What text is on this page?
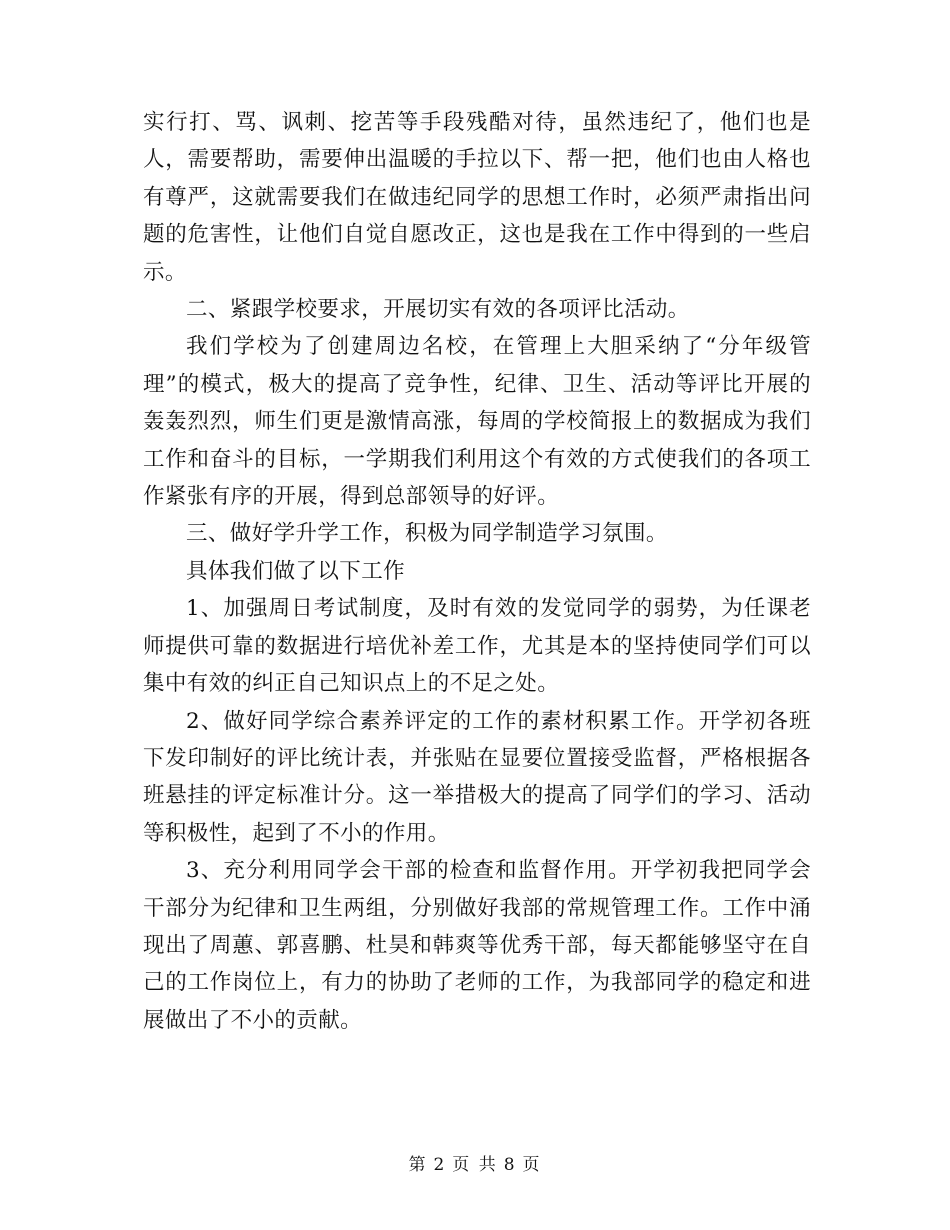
实行打、骂、讽刺、挖苦等手段残酷对待，虽然违纪了，他们也是人，需要帮助，需要伸出温暖的手拉以下、帮一把，他们也由人格也有尊严，这就需要我们在做违纪同学的思想工作时，必须严肃指出问题的危害性，让他们自觉自愿改正，这也是我在工作中得到的一些启示。

二、紧跟学校要求，开展切实有效的各项评比活动。

我们学校为了创建周边名校，在管理上大胆采纳了“分年级管理”的模式，极大的提高了竞争性，纪律、卫生、活动等评比开展的轰轰烈烈，师生们更是激情高涨，每周的学校简报上的数据成为我们工作和奋斗的目标，一学期我们利用这个有效的方式使我们的各项工作紧张有序的开展，得到总部领导的好评。

三、做好学升学工作，积极为同学制造学习氛围。

具体我们做了以下工作

1、加强周日考试制度，及时有效的发觉同学的弱势，为任课老师提供可靠的数据进行培优补差工作，尤其是本的坚持使同学们可以集中有效的纠正自己知识点上的不足之处。

2、做好同学综合素养评定的工作的素材积累工作。开学初各班下发印制好的评比统计表，并张贴在显要位置接受监督，严格根据各班悬挂的评定标准计分。这一举措极大的提高了同学们的学习、活动等积极性，起到了不小的作用。

3、充分利用同学会干部的检查和监督作用。开学初我把同学会干部分为纪律和卫生两组，分别做好我部的常规管理工作。工作中涌现出了周蕙、郭喜鹏、杜昊和韩爽等优秀干部，每天都能够坚守在自己的工作岗位上，有力的协助了老师的工作，为我部同学的稳定和进展做出了不小的贡献。

第 2 页 共 8 页
